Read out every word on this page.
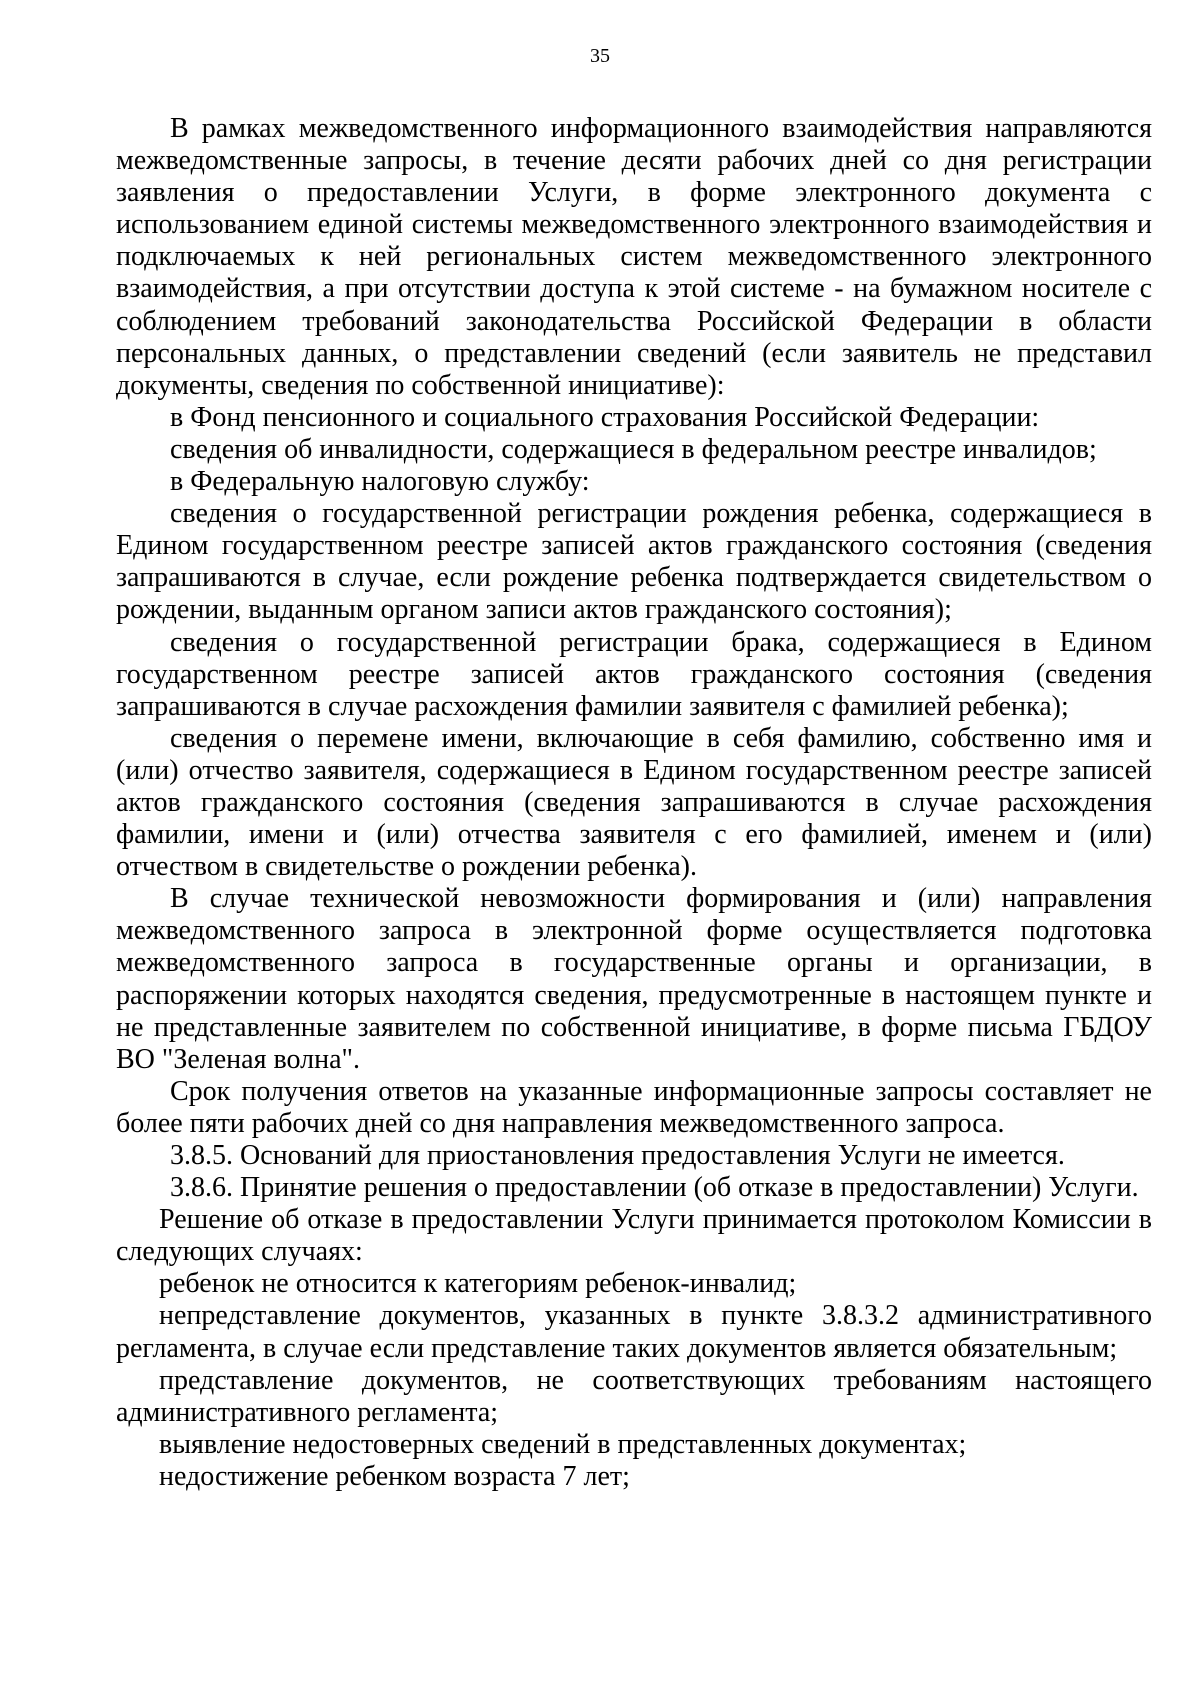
35

В рамках межведомственного информационного взаимодействия направляются межведомственные запросы, в течение десяти рабочих дней со дня регистрации заявления о предоставлении Услуги, в форме электронного документа с использованием единой системы межведомственного электронного взаимодействия и подключаемых к ней региональных систем межведомственного электронного взаимодействия, а при отсутствии доступа к этой системе - на бумажном носителе с соблюдением требований законодательства Российской Федерации в области персональных данных, о представлении сведений (если заявитель не представил документы, сведения по собственной инициативе):

в Фонд пенсионного и социального страхования Российской Федерации:

сведения об инвалидности, содержащиеся в федеральном реестре инвалидов;

в Федеральную налоговую службу:

сведения о государственной регистрации рождения ребенка, содержащиеся в Едином государственном реестре записей актов гражданского состояния (сведения запрашиваются в случае, если рождение ребенка подтверждается свидетельством о рождении, выданным органом записи актов гражданского состояния);

сведения о государственной регистрации брака, содержащиеся в Едином государственном реестре записей актов гражданского состояния (сведения запрашиваются в случае расхождения фамилии заявителя с фамилией ребенка);

сведения о перемене имени, включающие в себя фамилию, собственно имя и (или) отчество заявителя, содержащиеся в Едином государственном реестре записей актов гражданского состояния (сведения запрашиваются в случае расхождения фамилии, имени и (или) отчества заявителя с его фамилией, именем и (или) отчеством в свидетельстве о рождении ребенка).

В случае технической невозможности формирования и (или) направления межведомственного запроса в электронной форме осуществляется подготовка межведомственного запроса в государственные органы и организации, в распоряжении которых находятся сведения, предусмотренные в настоящем пункте и не представленные заявителем по собственной инициативе, в форме письма ГБДОУ ВО "Зеленая волна".

Срок получения ответов на указанные информационные запросы составляет не более пяти рабочих дней со дня направления межведомственного запроса.

3.8.5. Оснований для приостановления предоставления Услуги не имеется.

3.8.6. Принятие решения о предоставлении (об отказе в предоставлении) Услуги.

Решение об отказе в предоставлении Услуги принимается протоколом Комиссии в следующих случаях:

ребенок не относится к категориям ребенок-инвалид;

непредставление документов, указанных в пункте 3.8.3.2 административного регламента, в случае если представление таких документов является обязательным;

представление документов, не соответствующих требованиям настоящего административного регламента;

выявление недостоверных сведений в представленных документах;

недостижение ребенком возраста 7 лет;
